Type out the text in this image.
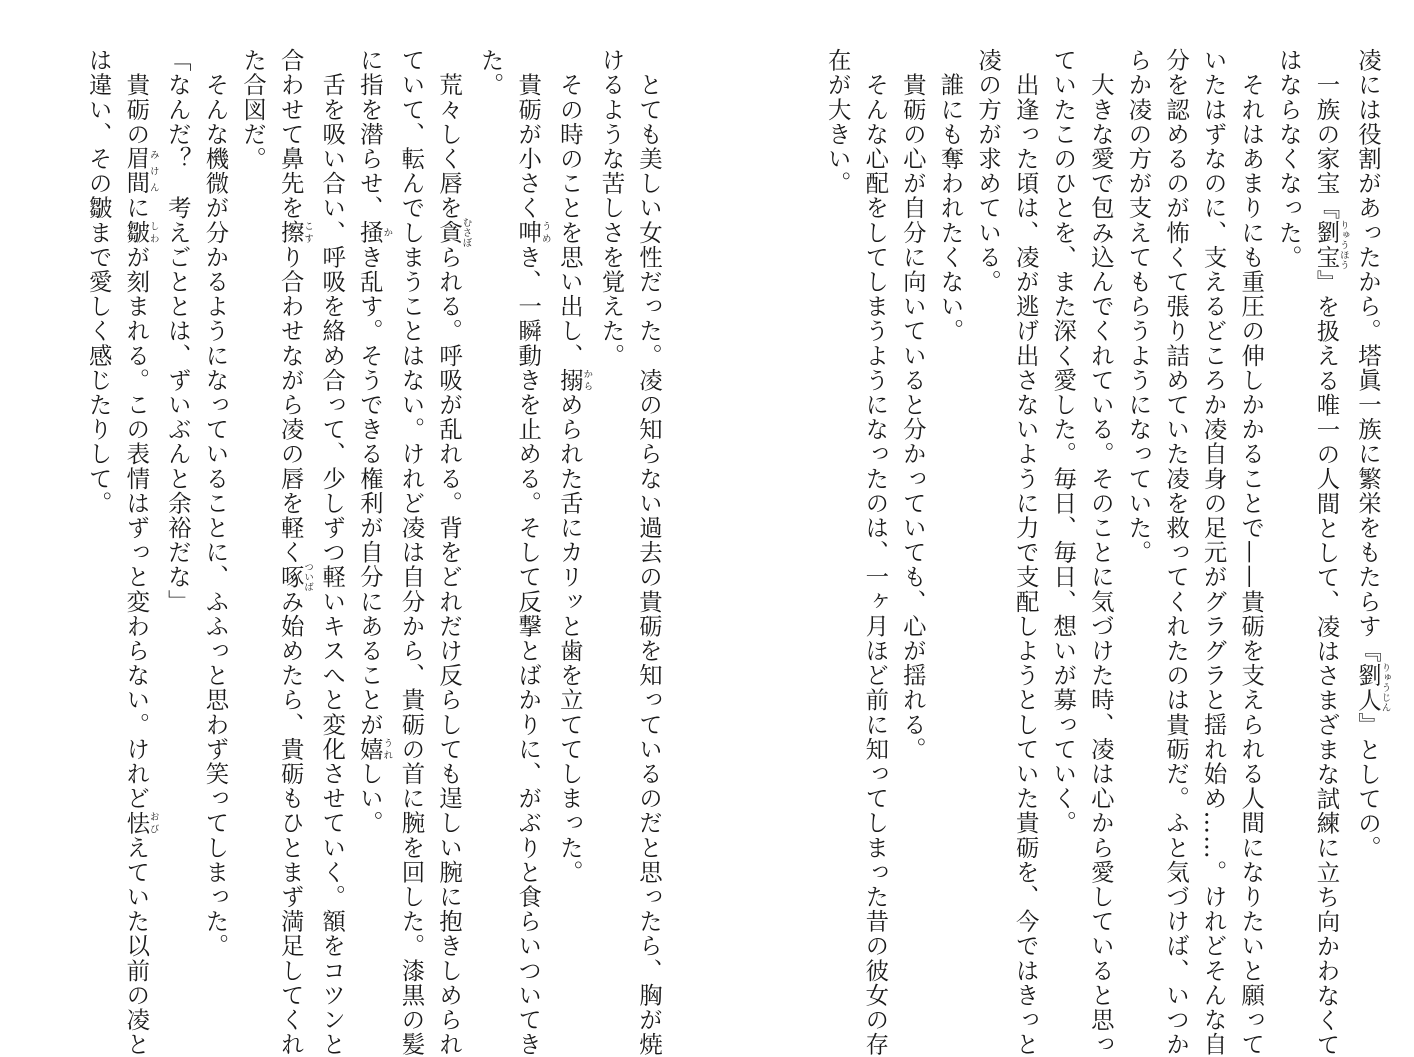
凌には役割があったから。塔眞一族に繁栄をもたらす『劉人りゅうじん』としての。
　一族の家宝『劉宝りゅうほう』を扱える唯一の人間として、凌はさまざまな試練に立ち向かわなくて
はならなくなった。
　それはあまりにも重圧の伸しかかることで——貴砺を支えられる人間になりたいと願って
いたはずなのに、支えるどころか凌自身の足元がグラグラと揺れ始め……。けれどそんな自
分を認めるのが怖くて張り詰めていた凌を救ってくれたのは貴砺だ。ふと気づけば、いつか
らか凌の方が支えてもらうようになっていた。
　大きな愛で包み込んでくれている。そのことに気づけた時、凌は心から愛していると思っ
ていたこのひとを、また深く愛した。毎日、毎日、想いが募っていく。
　出逢った頃は、凌が逃げ出さないように力で支配しようとしていた貴砺を、今ではきっと
凌の方が求めている。
　誰にも奪われたくない。
　貴砺の心が自分に向いていると分かっていても、心が揺れる。
　そんな心配をしてしまうようになったのは、一ヶ月ほど前に知ってしまった昔の彼女の存
在が大きい。
　とても美しい女性だった。凌の知らない過去の貴砺を知っているのだと思ったら、胸が焼
けるような苦しさを覚えた。
　その時のことを思い出し、搦からめられた舌にカリッと歯を立ててしまった。
　貴砺が小さく呻うめき、一瞬動きを止める。そして反撃とばかりに、がぶりと食らいついてき
た。
　荒々しく唇を貪むさぼられる。呼吸が乱れる。背をどれだけ反らしても逞しい腕に抱きしめられ
ていて、転んでしまうことはない。けれど凌は自分から、貴砺の首に腕を回した。漆黒の髪
に指を潜らせ、掻かき乱す。そうできる権利が自分にあることが嬉うれしい。
　舌を吸い合い、呼吸を絡め合って、少しずつ軽いキスへと変化させていく。額をコツンと
合わせて鼻先を擦こすり合わせながら凌の唇を軽く啄ついばみ始めたら、貴砺もひとまず満足してくれ
た合図だ。
　そんな機微が分かるようになっていることに、ふふっと思わず笑ってしまった。
「なんだ？　考えごととは、ずいぶんと余裕だな」
　貴砺の眉間みけんに皺しわが刻まれる。この表情はずっと変わらない。けれど怯おびえていた以前の凌と
は違い、その皺まで愛しく感じたりして。
